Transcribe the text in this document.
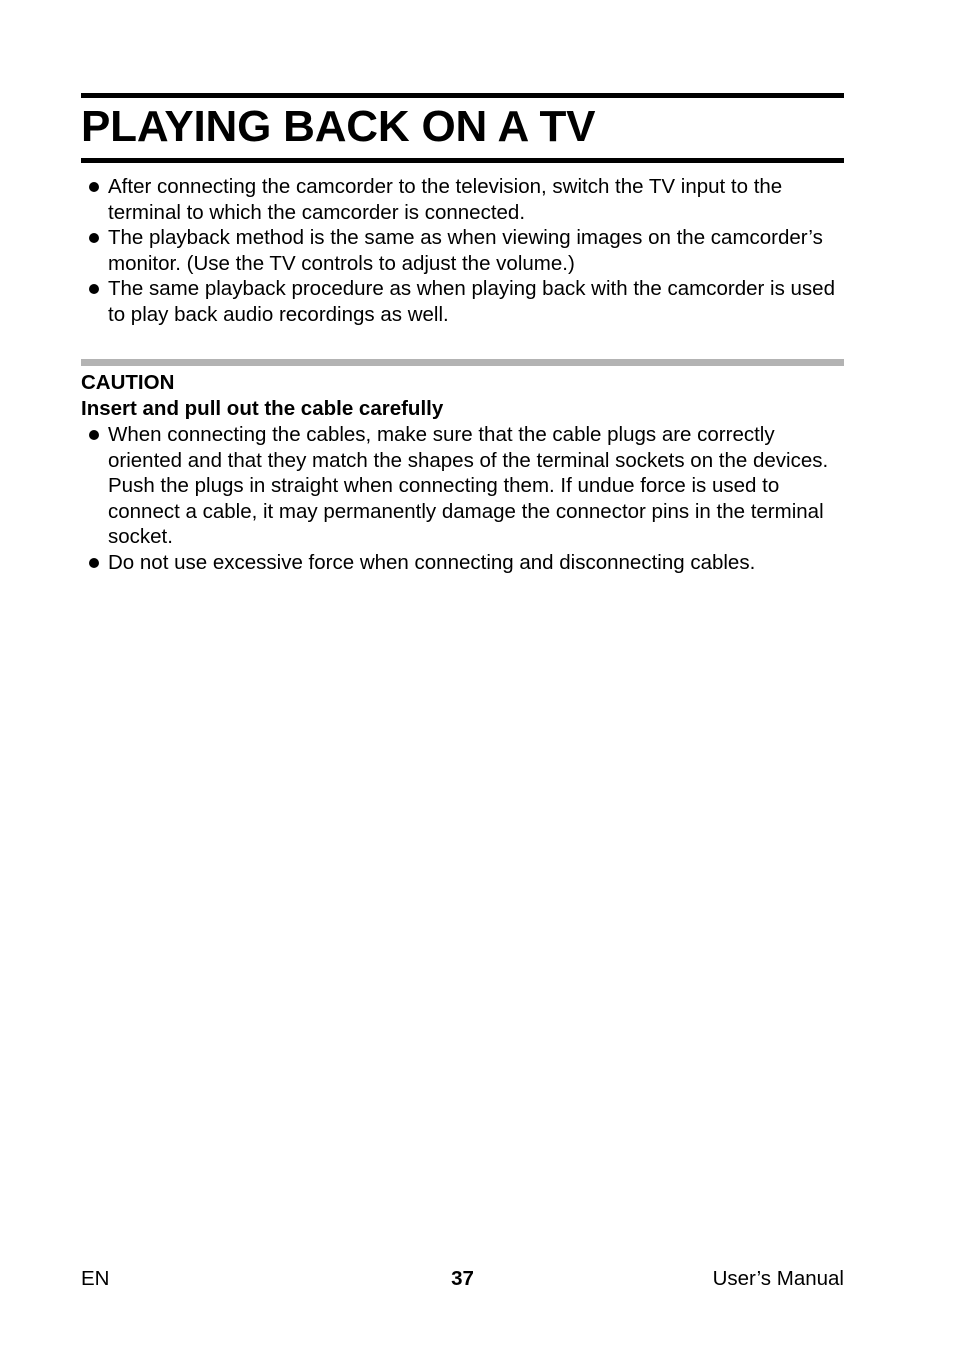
PLAYING BACK ON A TV
After connecting the camcorder to the television, switch the TV input to the terminal to which the camcorder is connected.
The playback method is the same as when viewing images on the camcorder’s monitor. (Use the TV controls to adjust the volume.)
The same playback procedure as when playing back with the camcorder is used to play back audio recordings as well.
CAUTION
Insert and pull out the cable carefully
When connecting the cables, make sure that the cable plugs are correctly oriented and that they match the shapes of the terminal sockets on the devices. Push the plugs in straight when connecting them. If undue force is used to connect a cable, it may permanently damage the connector pins in the terminal socket.
Do not use excessive force when connecting and disconnecting cables.
EN	37	User’s Manual
